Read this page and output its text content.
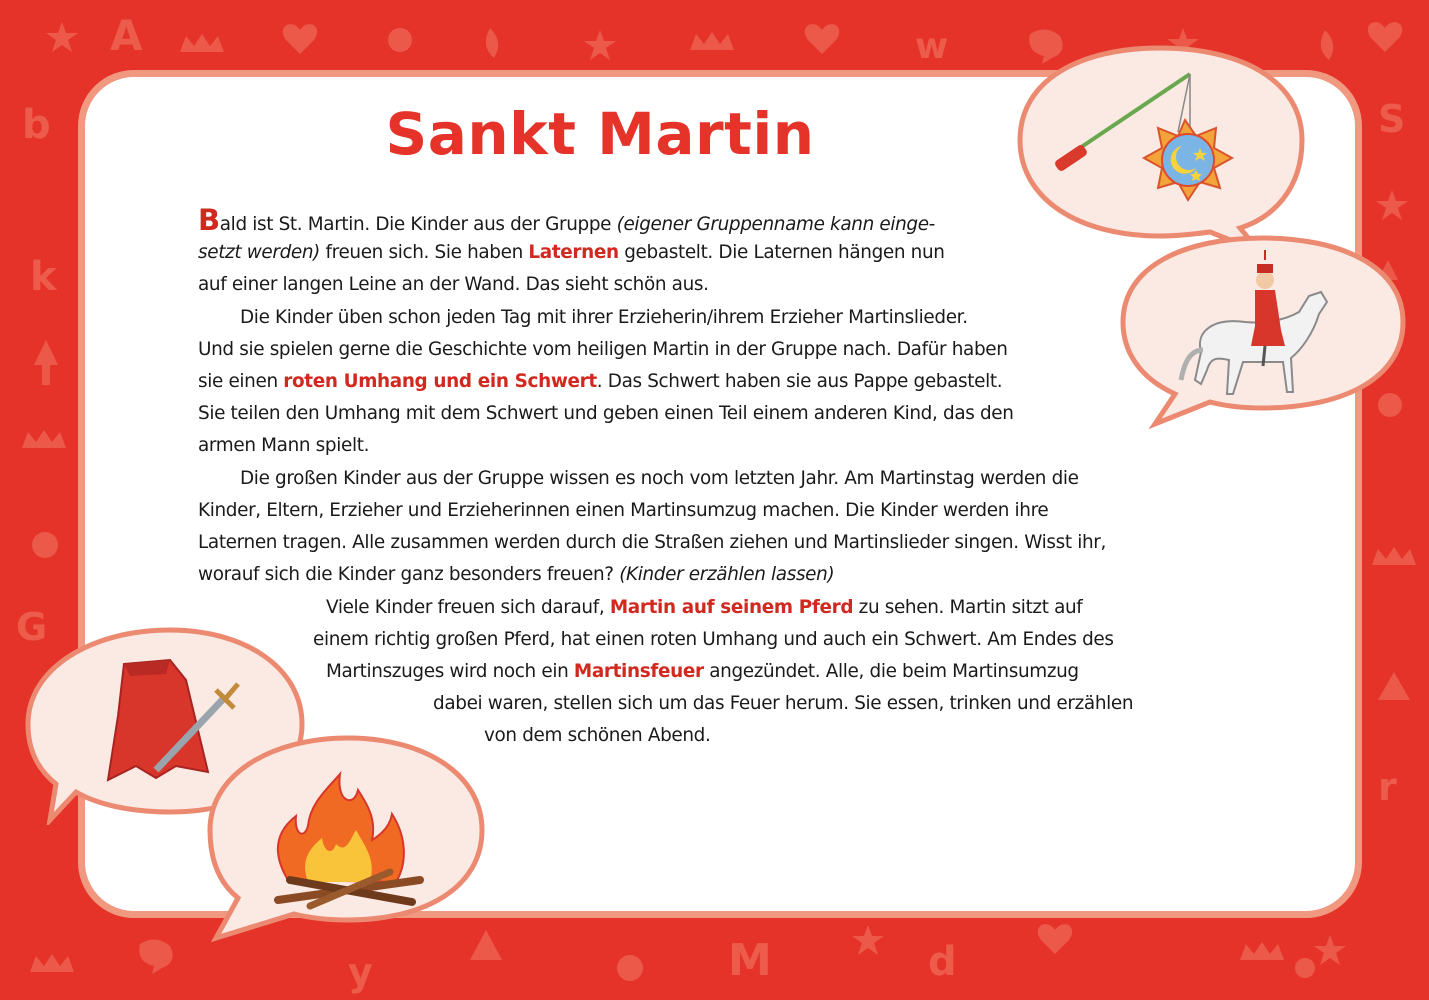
A	w
b
k
G
S
r
y	M	d
Sankt Martin
Bald ist St. Martin. Die Kinder aus der Gruppe (eigener Gruppenname kann einge-
setzt werden) freuen sich. Sie haben Laternen gebastelt. Die Laternen hängen nun
auf einer langen Leine an der Wand. Das sieht schön aus.
Die Kinder üben schon jeden Tag mit ihrer Erzieherin/ihrem Erzieher Martinslieder.
Und sie spielen gerne die Geschichte vom heiligen Martin in der Gruppe nach. Dafür haben
sie einen roten Umhang und ein Schwert. Das Schwert haben sie aus Pappe gebastelt.
Sie teilen den Umhang mit dem Schwert und geben einen Teil einem anderen Kind, das den
armen Mann spielt.
Die großen Kinder aus der Gruppe wissen es noch vom letzten Jahr. Am Martinstag werden die
Kinder, Eltern, Erzieher und Erzieherinnen einen Martinsumzug machen. Die Kinder werden ihre
Laternen tragen. Alle zusammen werden durch die Straßen ziehen und Martinslieder singen. Wisst ihr,
worauf sich die Kinder ganz besonders freuen? (Kinder erzählen lassen)
Viele Kinder freuen sich darauf, Martin auf seinem Pferd zu sehen. Martin sitzt auf
einem richtig großen Pferd, hat einen roten Umhang und auch ein Schwert. Am Endes des
Martinszuges wird noch ein Martinsfeuer angezündet. Alle, die beim Martinsumzug
dabei waren, stellen sich um das Feuer herum. Sie essen, trinken und erzählen
von dem schönen Abend.
